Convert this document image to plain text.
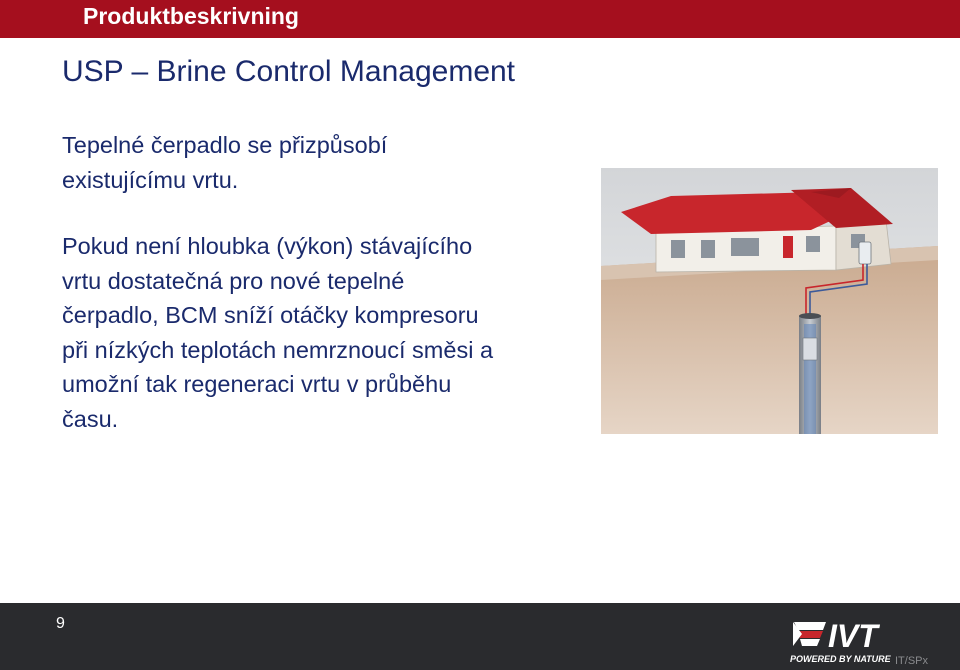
Produktbeskrivning
USP – Brine Control Management
Tepelné čerpadlo se přizpůsobí
existujícímu vrtu.
Pokud není hloubka (výkon) stávajícího
vrtu dostatečná pro nové tepelné
čerpadlo, BCM sníží otáčky kompresoru
při nízkých teplotách nemrznoucí směsi a
umožní tak regeneraci vrtu v průběhu
času.
9	IVT
POWERED BY NATURE IT/SPx
